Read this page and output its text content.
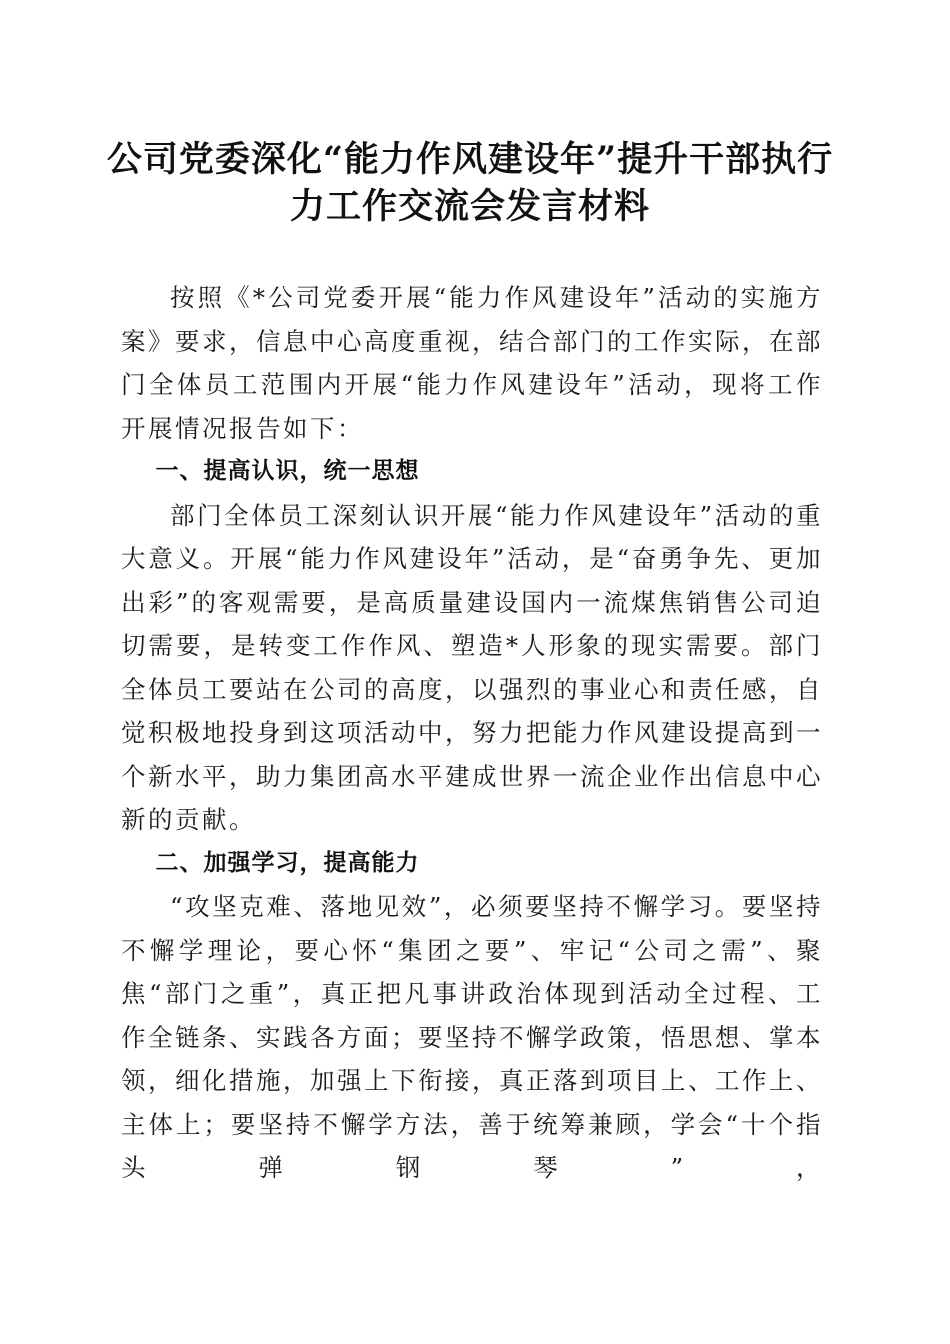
公司党委深化“能力作风建设年”提升干部执行力工作交流会发言材料

按照《*公司党委开展“能力作风建设年”活动的实施方案》要求，信息中心高度重视，结合部门的工作实际，在部门全体员工范围内开展“能力作风建设年”活动，现将工作开展情况报告如下：

一、提高认识，统一思想

部门全体员工深刻认识开展“能力作风建设年”活动的重大意义。开展“能力作风建设年”活动，是“奋勇争先、更加出彩”的客观需要，是高质量建设国内一流煤焦销售公司迫切需要，是转变工作作风、塑造*人形象的现实需要。部门全体员工要站在公司的高度，以强烈的事业心和责任感，自觉积极地投身到这项活动中，努力把能力作风建设提高到一个新水平，助力集团高水平建成世界一流企业作出信息中心新的贡献。

二、加强学习，提高能力

“攻坚克难、落地见效”，必须要坚持不懈学习。要坚持不懈学理论，要心怀“集团之要”、牢记“公司之需”、聚焦“部门之重”，真正把凡事讲政治体现到活动全过程、工作全链条、实践各方面；要坚持不懈学政策，悟思想、掌本领，细化措施，加强上下衔接，真正落到项目上、工作上、主体上；要坚持不懈学方法，善于统筹兼顾，学会“十个指头弹钢琴”，
